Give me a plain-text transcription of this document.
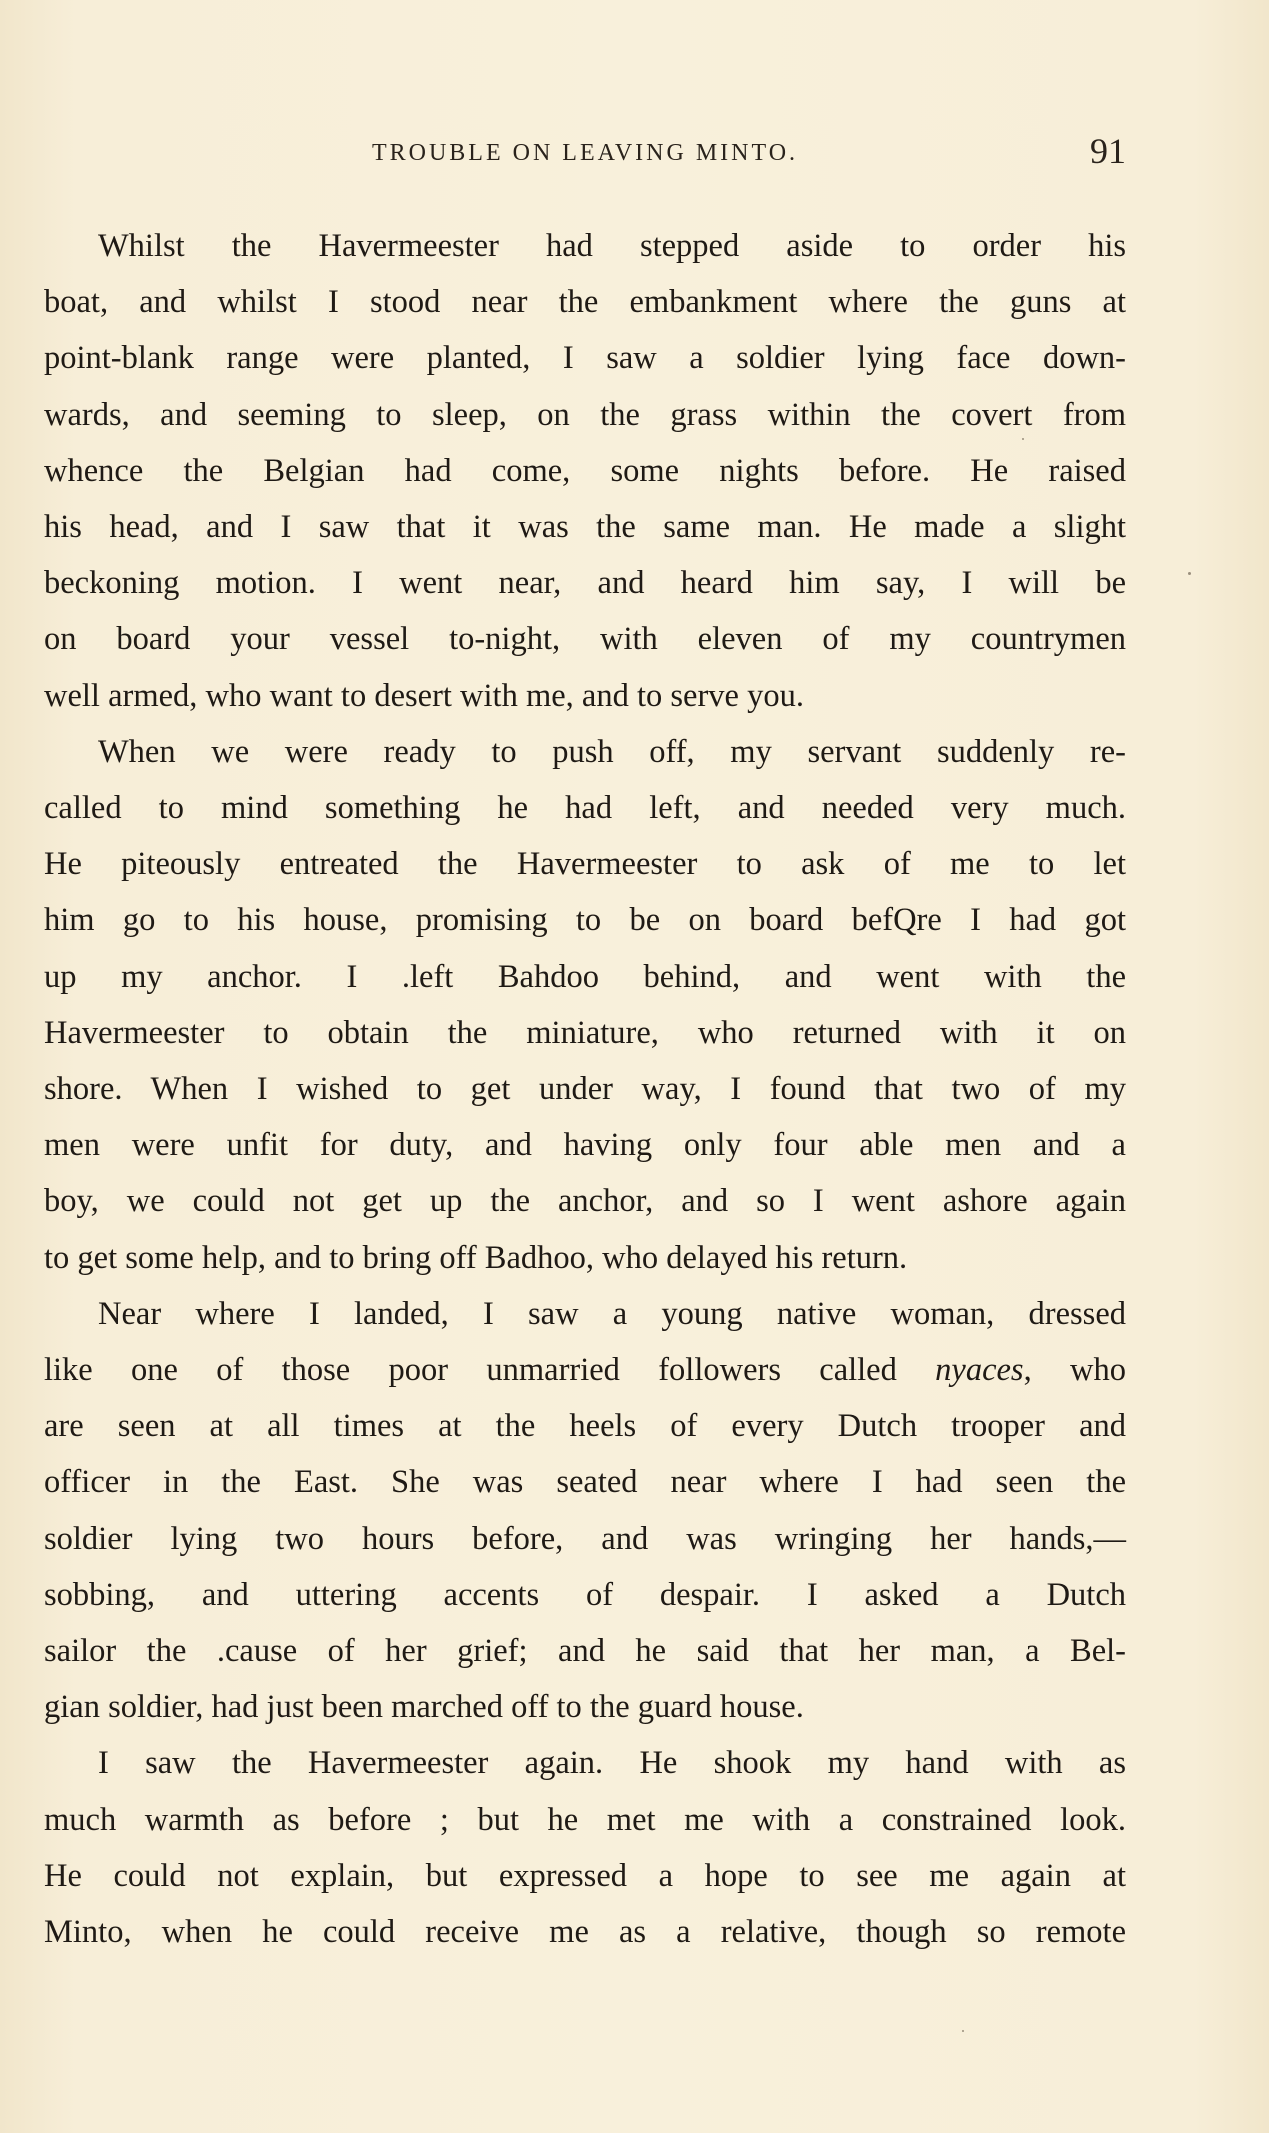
TROUBLE ON LEAVING MINTO.	91
Whilst the Havermeester had stepped aside to order his
boat, and whilst I stood near the embankment where the guns at
point-blank range were planted, I saw a soldier lying face down-
wards, and seeming to sleep, on the grass within the covert from
whence the Belgian had come, some nights before. He raised
his head, and I saw that it was the same man. He made a slight
beckoning motion. I went near, and heard him say, I will be
on board your vessel to-night, with eleven of my countrymen
well armed, who want to desert with me, and to serve you.
When we were ready to push off, my servant suddenly re-
called to mind something he had left, and needed very much.
He piteously entreated the Havermeester to ask of me to let
him go to his house, promising to be on board befQre I had got
up my anchor. I .left Bahdoo behind, and went with the
Havermeester to obtain the miniature, who returned with it on
shore. When I wished to get under way, I found that two of my
men were unfit for duty, and having only four able men and a
boy, we could not get up the anchor, and so I went ashore again
to get some help, and to bring off Badhoo, who delayed his return.
Near where I landed, I saw a young native woman, dressed
like one of those poor unmarried followers called nyaces, who
are seen at all times at the heels of every Dutch trooper and
officer in the East. She was seated near where I had seen the
soldier lying two hours before, and was wringing her hands,—
sobbing, and uttering accents of despair. I asked a Dutch
sailor the .cause of her grief; and he said that her man, a Bel-
gian soldier, had just been marched off to the guard house.
I saw the Havermeester again. He shook my hand with as
much warmth as before ; but he met me with a constrained look.
He could not explain, but expressed a hope to see me again at
Minto, when he could receive me as a relative, though so remote
